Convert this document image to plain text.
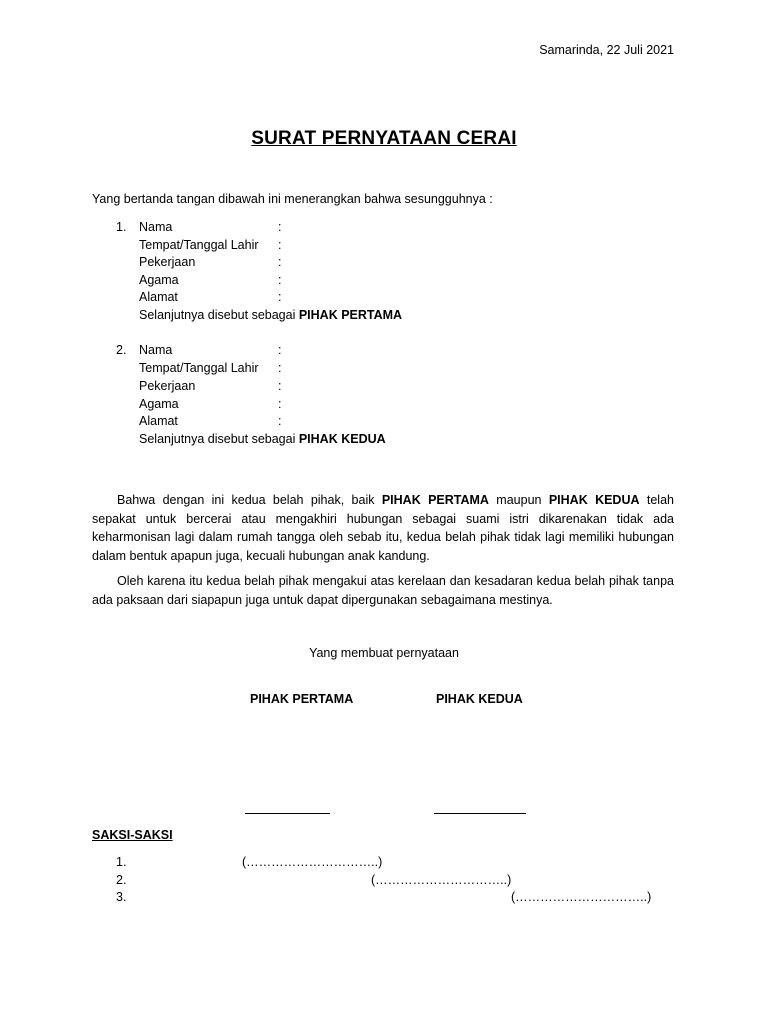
Samarinda, 22 Juli 2021
SURAT PERNYATAAN CERAI
Yang bertanda tangan dibawah ini menerangkan bahwa sesungguhnya :
1. Nama	:
Tempat/Tanggal Lahir :
Pekerjaan	:
Agama	:
Alamat	:
Selanjutnya disebut sebagai PIHAK PERTAMA
2. Nama	:
Tempat/Tanggal Lahir :
Pekerjaan	:
Agama	:
Alamat	:
Selanjutnya disebut sebagai PIHAK KEDUA
Bahwa dengan ini kedua belah pihak, baik PIHAK PERTAMA maupun PIHAK KEDUA telah sepakat untuk bercerai atau mengakhiri hubungan sebagai suami istri dikarenakan tidak ada keharmonisan lagi dalam rumah tangga oleh sebab itu, kedua belah pihak tidak lagi memiliki hubungan dalam bentuk apapun juga, kecuali hubungan anak kandung.
Oleh karena itu kedua belah pihak mengakui atas kerelaan dan kesadaran kedua belah pihak tanpa ada paksaan dari siapapun juga untuk dapat dipergunakan sebagaimana mestinya.
Yang membuat pernyataan
PIHAK PERTAMA	PIHAK KEDUA
SAKSI-SAKSI
1.	(…………………………..)
2.	(…………………………..)
3.	(…………………………..)
